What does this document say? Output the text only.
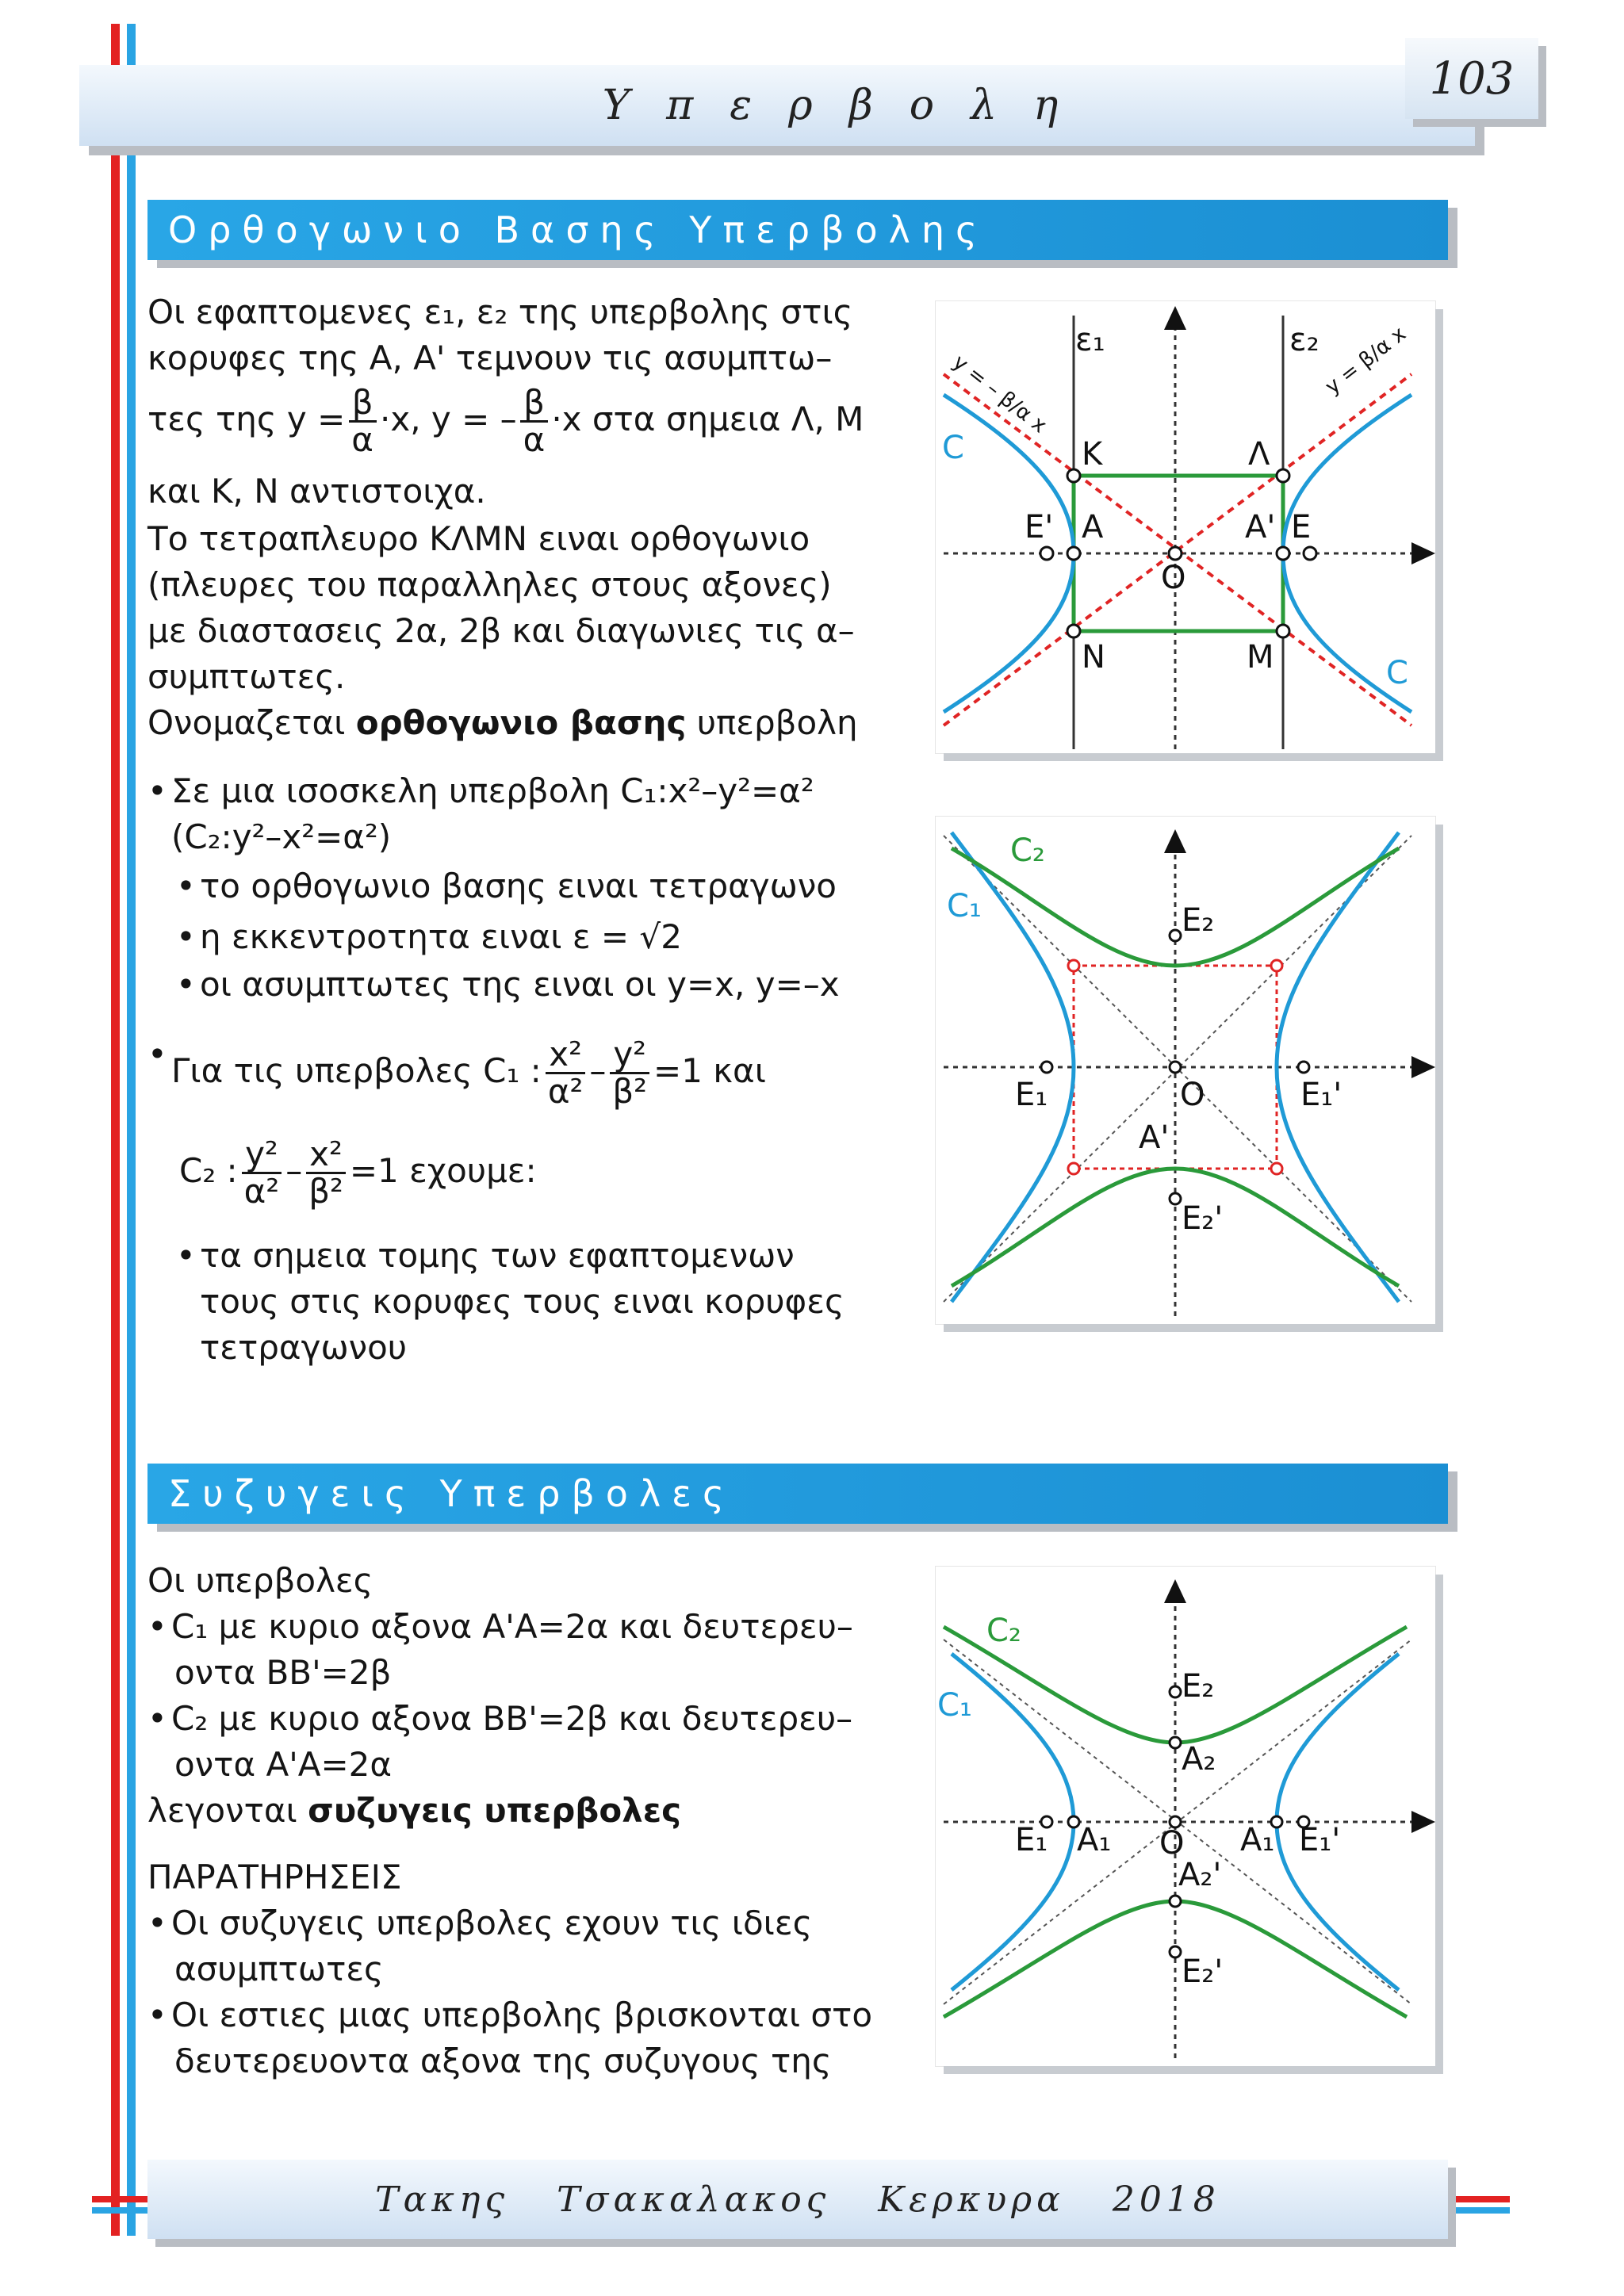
Υπερβολη
103
Ορθογωνιο Βασης Υπερβολης
Οι εφαπτομενες ε₁, ε₂ της υπερβολης στις
κορυφες της Α, Α' τεμνουν τις ασυμπτω–
τες της $y = \frac{\beta}{\alpha} \cdot x$, y = – $\frac{\beta}{\alpha} \cdot x$ στα σημεια Λ, Μ
και Κ, Ν αντιστοιχα.
Το τετραπλευρο ΚΛΜΝ ειναι ορθογωνιο
(πλευρες του παραλληλες στους αξονες)
με διαστασεις 2α, 2β και διαγωνιες τις α–
συμπτωτες.
Ονομαζεται ορθογωνιο βασης υπερβολη
• Σε μια ισοσκελη υπερβολη C₁:x²–y²=α²
(C₂:y²–x²=α²)
• το ορθογωνιο βασης ειναι τετραγωνο
• η εκκεντροτητα ειναι ε = √2
• οι ασυμπτωτες της ειναι οι y=x, y=–x
• Για τις υπερβολες C₁ : $\frac{\text{x²}}{\text{α²}} - \frac{\text{y²}}{\text{β²}} =1$ και
C₂ : $\frac{\text{y²}}{\text{α²}} - \frac{\text{x²}}{\text{β²}} =1$ εχουμε:
• τα σημεια τομης των εφαπτομενων
τους στις κορυφες τους ειναι κορυφες
τετραγωνου
ε₁	ε₂
Κ	Λ
Ν	Μ
Ε' Α	Α' Ε
O
C
C
y = – β/α x	y = β/α x
C₂
C₁	E₂
E₁	E₁'
O
A'
E₂'
Συζυγεις Υπερβολες
Οι υπερβολες
• C₁ με κυριο αξονα Α'Α=2α και δευτερευ–
οντα ΒΒ'=2β
• C₂ με κυριο αξονα ΒΒ'=2β και δευτερευ–
οντα Α'Α=2α
λεγονται συζυγεις υπερβολες
ΠΑΡΑΤΗΡΗΣΕΙΣ
• Οι συζυγεις υπερβολες εχουν τις ιδιες
ασυμπτωτες
• Οι εστιες μιας υπερβολης βρισκονται στο
δευτερευοντα αξονα της συζυγους της
C₂
C₁
E₂
A₂
E₁ A₁ O A₁ E₁'
A₂'
E₂'
Τακης Τσακαλακος Κερκυρα 2018
